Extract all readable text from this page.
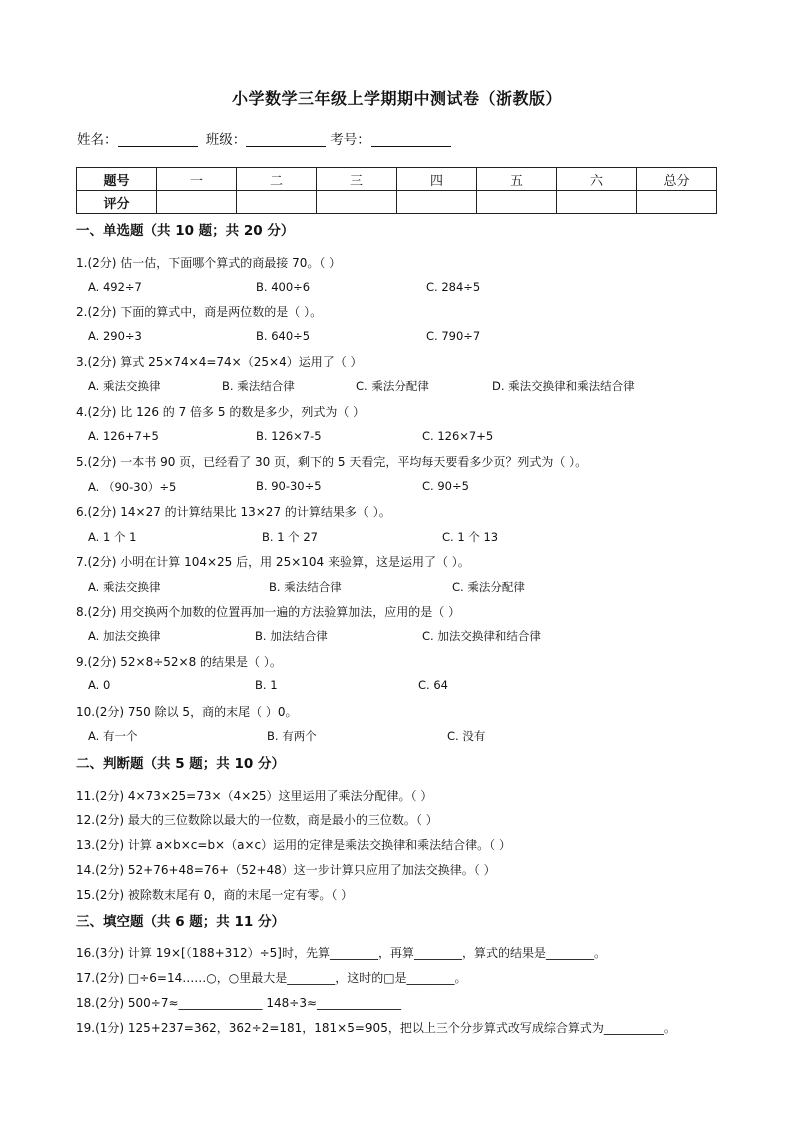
小学数学三年级上学期期中测试卷（浙教版）
姓名：	班级：	考号：
题号	一	二	三	四	五	六	总分
评分							
一、单选题（共 10 题；共 20 分）
1.(2分) 估一估，下面哪个算式的商最接 70。（ ）
A. 492÷7	B. 400÷6	C. 284÷5
2.(2分) 下面的算式中，商是两位数的是（ ）。
A. 290÷3	B. 640÷5	C. 790÷7
3.(2分) 算式 25×74×4=74×（25×4）运用了（ ）
A. 乘法交换律	B. 乘法结合律	C. 乘法分配律	D. 乘法交换律和乘法结合律
4.(2分) 比 126 的 7 倍多 5 的数是多少，列式为（ ）
A. 126+7+5	B. 126×7-5	C. 126×7+5
5.(2分) 一本书 90 页，已经看了 30 页，剩下的 5 天看完，平均每天要看多少页？列式为（ ）。
A. （90-30）÷5	B. 90-30÷5	C. 90÷5
6.(2分) 14×27 的计算结果比 13×27 的计算结果多（ ）。
A. 1 个 1	B. 1 个 27	C. 1 个 13
7.(2分) 小明在计算 104×25 后，用 25×104 来验算，这是运用了（ ）。
A. 乘法交换律	B. 乘法结合律	C. 乘法分配律
8.(2分) 用交换两个加数的位置再加一遍的方法验算加法，应用的是（ ）
A. 加法交换律	B. 加法结合律	C. 加法交换律和结合律
9.(2分) 52×8÷52×8 的结果是（ ）。
A. 0	B. 1	C. 64
10.(2分) 750 除以 5，商的末尾（ ）0。
A. 有一个	B. 有两个	C. 没有
二、判断题（共 5 题；共 10 分）
11.(2分) 4×73×25=73×（4×25）这里运用了乘法分配律。（ ）
12.(2分) 最大的三位数除以最大的一位数，商是最小的三位数。（ ）
13.(2分) 计算 a×b×c=b×（a×c）运用的定律是乘法交换律和乘法结合律。（ ）
14.(2分) 52+76+48=76+（52+48）这一步计算只应用了加法交换律。（ ）
15.(2分) 被除数末尾有 0，商的末尾一定有零。（ ）
三、填空题（共 6 题；共 11 分）
16.(3分) 计算 19×[（188+312）÷5]时，先算________，再算________，算式的结果是________。
17.(2分) □÷6=14……○，○里最大是________，这时的□是________。
18.(2分) 500÷7≈______________ 148÷3≈______________
19.(1分) 125+237=362，362÷2=181，181×5=905，把以上三个分步算式改写成综合算式为__________。
